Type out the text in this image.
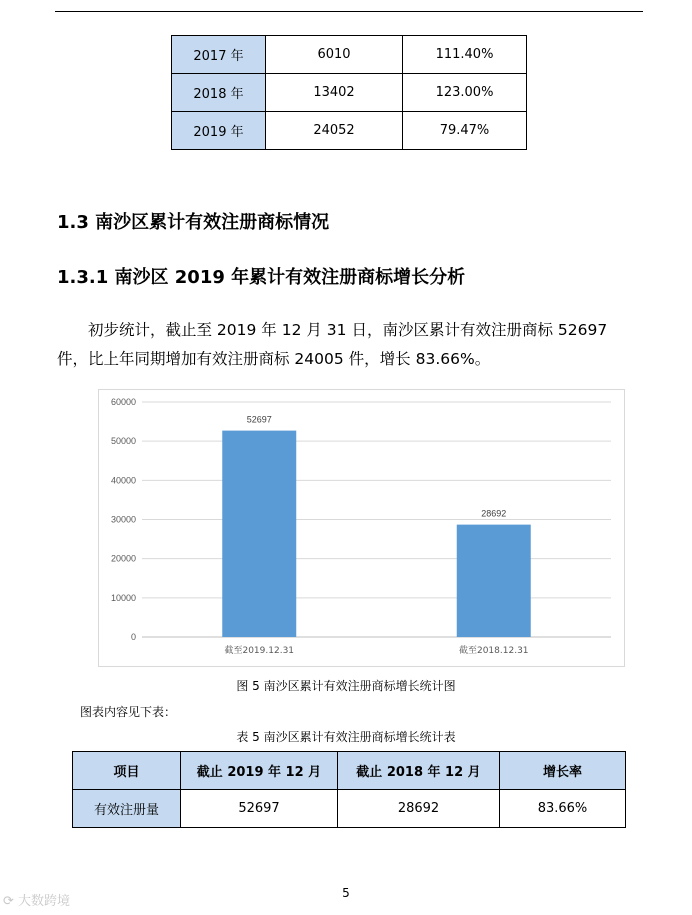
2017 年	6010	111.40%
2018 年	13402	123.00%
2019 年	24052	79.47%
1.3 南沙区累计有效注册商标情况
1.3.1 南沙区 2019 年累计有效注册商标增长分析
初步统计，截止至 2019 年 12 月 31 日，南沙区累计有效注册商标 52697
件，比上年同期增加有效注册商标 24005 件，增长 83.66%。
0
10000
20000
30000
40000
50000
60000
52697
截至2019.12.31
28692
截至2018.12.31
图 5 南沙区累计有效注册商标增长统计图
图表内容见下表：
表 5 南沙区累计有效注册商标增长统计表
项目	截止 2019 年 12 月	截止 2018 年 12 月	增长率
有效注册量	52697	28692	83.66%
5
⟳ 大数跨境
